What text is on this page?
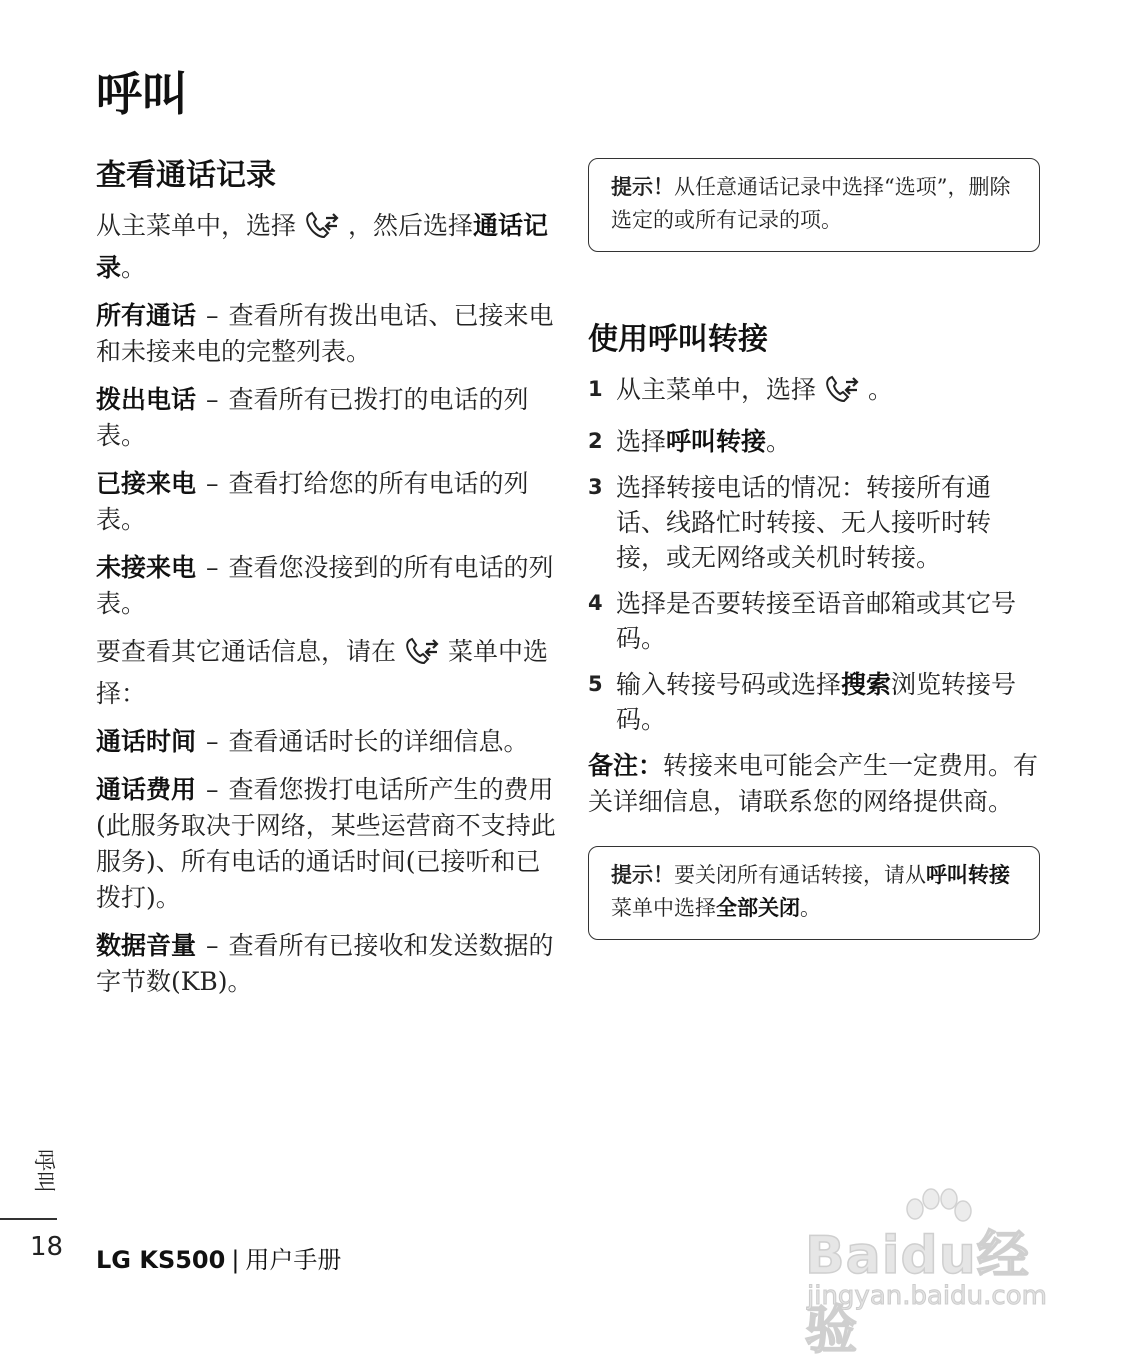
呼叫
查看通话记录

从主菜单中，选择 ，然后选择通话记录。

所有通话 – 查看所有拨出电话、已接来电和未接来电的完整列表。

拨出电话 – 查看所有已拨打的电话的列表。

已接来电 – 查看打给您的所有电话的列表。

未接来电 – 查看您没接到的所有电话的列表。

要查看其它通话信息，请在 菜单中选择：

通话时间 – 查看通话时长的详细信息。

通话费用 – 查看您拨打电话所产生的费用(此服务取决于网络，某些运营商不支持此服务)、所有电话的通话时间(已接听和已拨打)。

数据音量 – 查看所有已接收和发送数据的字节数(KB)。

提示！从任意通话记录中选择“选项”，删除选定的或所有记录的项。
使用呼叫转接
1 从主菜单中，选择 。
2 选择呼叫转接。
3 选择转接电话的情况：转接所有通话、线路忙时转接、无人接听时转接，或无网络或关机时转接。
4 选择是否要转接至语音邮箱或其它号码。
5 输入转接号码或选择搜索浏览转接号码。

备注：转接来电可能会产生一定费用。有关详细信息，请联系您的网络提供商。

提示！要关闭所有通话转接，请从呼叫转接菜单中选择全部关闭。
呼叫
18 LG KS500 | 用户手册	Baidu经验
jingyan.baidu.com
